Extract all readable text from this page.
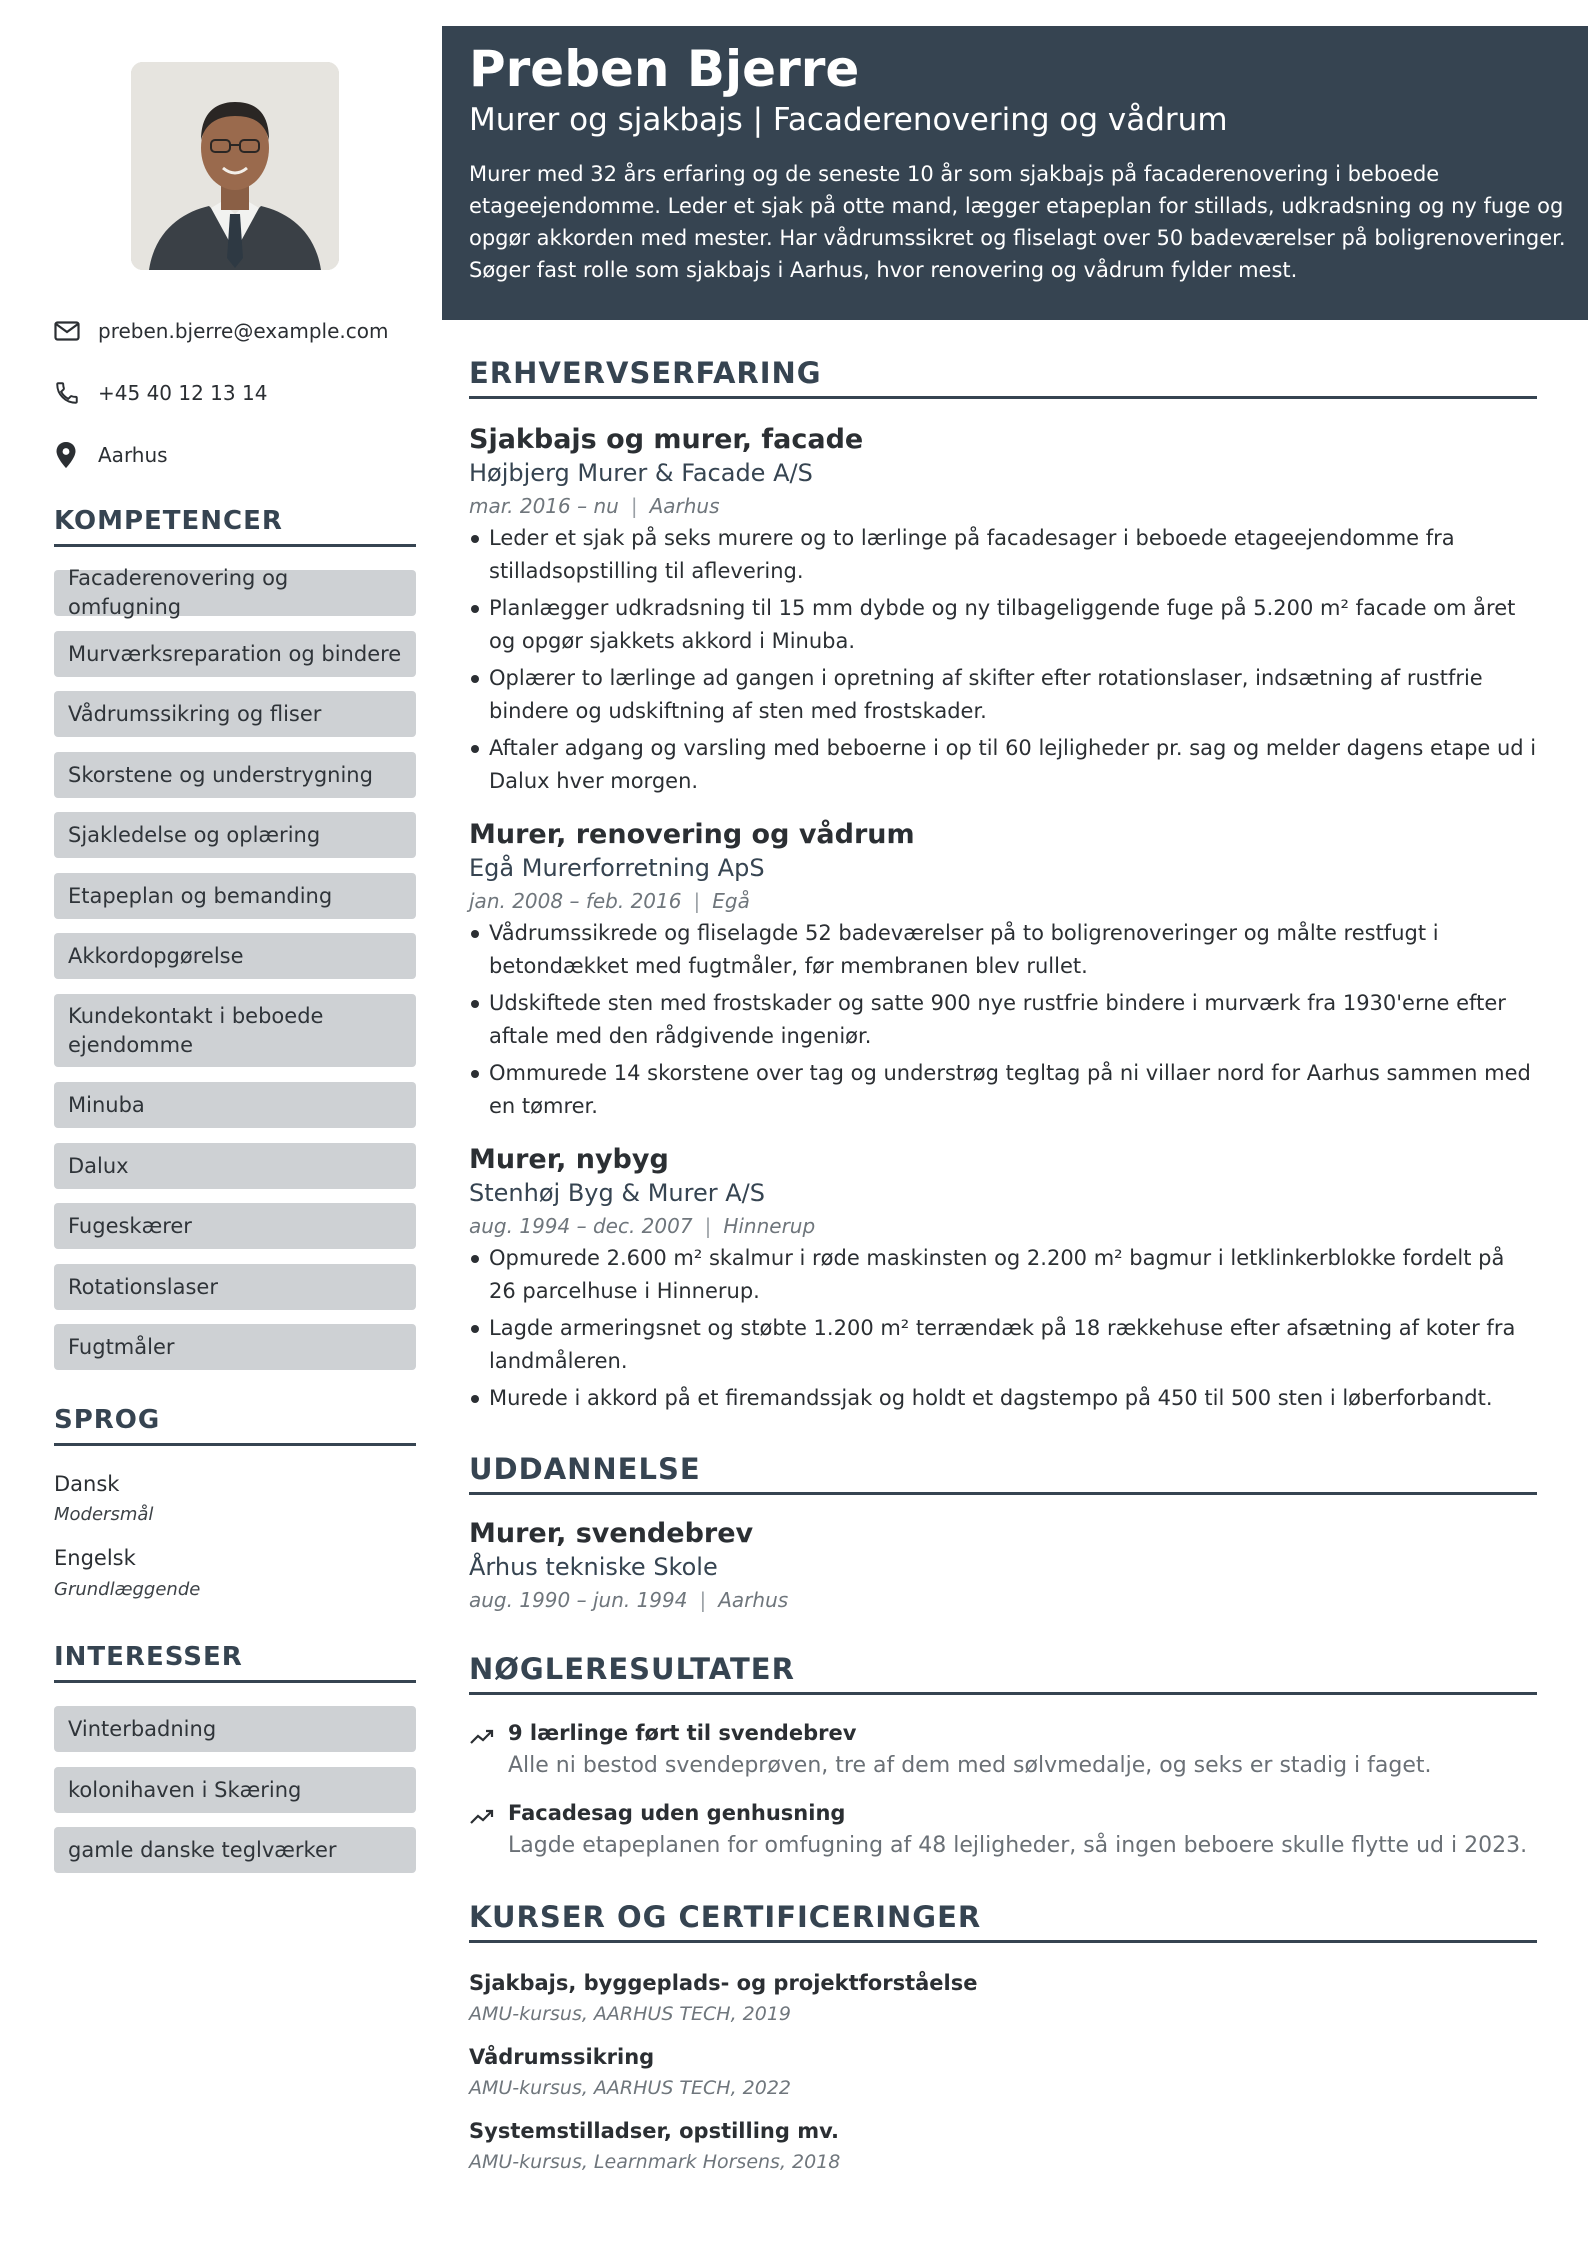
preben.bjerre@example.com
+45 40 12 13 14
Aarhus
KOMPETENCER
Facaderenovering og omfugning
Murværksreparation og bindere
Vådrumssikring og fliser
Skorstene og understrygning
Sjakledelse og oplæring
Etapeplan og bemanding
Akkordopgørelse
Kundekontakt i beboede ejendomme
Minuba
Dalux
Fugeskærer
Rotationslaser
Fugtmåler
SPROG
Dansk
Modersmål
Engelsk
Grundlæggende
INTERESSER
Vinterbadning
kolonihaven i Skæring
gamle danske teglværker
Preben Bjerre
Murer og sjakbajs | Facaderenovering og vådrum
Murer med 32 års erfaring og de seneste 10 år som sjakbajs på facaderenovering i beboede etageejendomme. Leder et sjak på otte mand, lægger etapeplan for stillads, udkradsning og ny fuge og opgør akkorden med mester. Har vådrumssikret og fliselagt over 50 badeværelser på boligrenoveringer. Søger fast rolle som sjakbajs i Aarhus, hvor renovering og vådrum fylder mest.
ERHVERVSERFARING
Sjakbajs og murer, facade
Højbjerg Murer & Facade A/S
mar. 2016 – nu | Aarhus
Leder et sjak på seks murere og to lærlinge på facadesager i beboede etageejendomme fra stilladsopstilling til aflevering.
Planlægger udkradsning til 15 mm dybde og ny tilbageliggende fuge på 5.200 m² facade om året og opgør sjakkets akkord i Minuba.
Oplærer to lærlinge ad gangen i opretning af skifter efter rotationslaser, indsætning af rustfrie bindere og udskiftning af sten med frostskader.
Aftaler adgang og varsling med beboerne i op til 60 lejligheder pr. sag og melder dagens etape ud i Dalux hver morgen.
Murer, renovering og vådrum
Egå Murerforretning ApS
jan. 2008 – feb. 2016 | Egå
Vådrumssikrede og fliselagde 52 badeværelser på to boligrenoveringer og målte restfugt i betondækket med fugtmåler, før membranen blev rullet.
Udskiftede sten med frostskader og satte 900 nye rustfrie bindere i murværk fra 1930'erne efter aftale med den rådgivende ingeniør.
Ommurede 14 skorstene over tag og understrøg tegltag på ni villaer nord for Aarhus sammen med en tømrer.
Murer, nybyg
Stenhøj Byg & Murer A/S
aug. 1994 – dec. 2007 | Hinnerup
Opmurede 2.600 m² skalmur i røde maskinsten og 2.200 m² bagmur i letklinkerblokke fordelt på 26 parcelhuse i Hinnerup.
Lagde armeringsnet og støbte 1.200 m² terrændæk på 18 rækkehuse efter afsætning af koter fra landmåleren.
Murede i akkord på et firemandssjak og holdt et dagstempo på 450 til 500 sten i løberforbandt.
UDDANNELSE
Murer, svendebrev
Århus tekniske Skole
aug. 1990 – jun. 1994 | Aarhus
NØGLERESULTATER
9 lærlinge ført til svendebrev
Alle ni bestod svendeprøven, tre af dem med sølvmedalje, og seks er stadig i faget.
Facadesag uden genhusning
Lagde etapeplanen for omfugning af 48 lejligheder, så ingen beboere skulle flytte ud i 2023.
KURSER OG CERTIFICERINGER
Sjakbajs, byggeplads- og projektforståelse
AMU-kursus, AARHUS TECH, 2019
Vådrumssikring
AMU-kursus, AARHUS TECH, 2022
Systemstilladser, opstilling mv.
AMU-kursus, Learnmark Horsens, 2018
